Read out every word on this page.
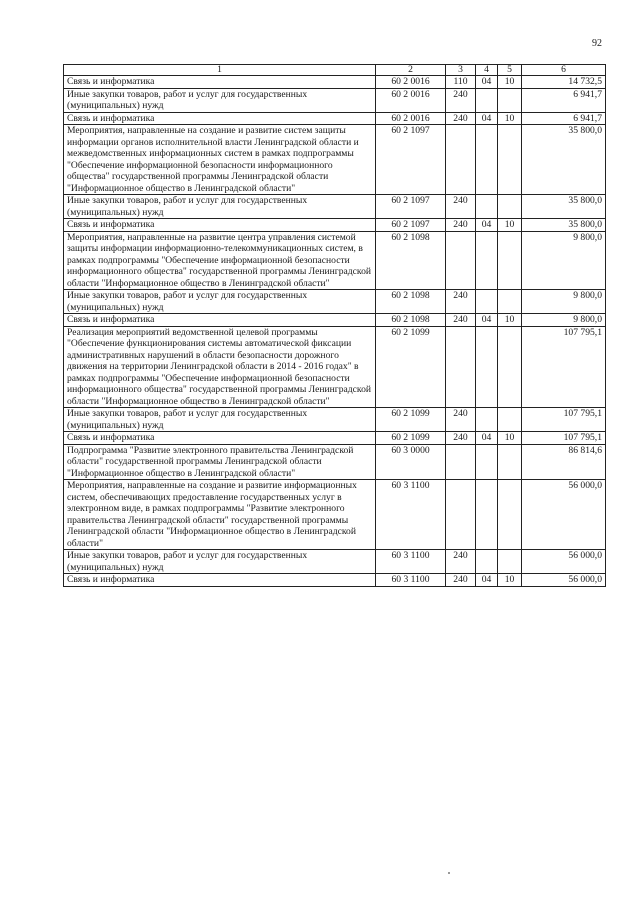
92
1	2	3	4	5	6
Связь и информатика	60 2 0016	110	04	10	14 732,5
Иные закупки товаров, работ и услуг для государственных (муниципальных) нужд	60 2 0016	240			6 941,7
Связь и информатика	60 2 0016	240	04	10	6 941,7
Мероприятия, направленные на создание и развитие систем защиты информации органов исполнительной власти Ленинградской области и межведомственных информационных систем в рамках подпрограммы "Обеспечение информационной безопасности информационного общества" государственной программы Ленинградской области "Информационное общество в Ленинградской области"	60 2 1097				35 800,0
Иные закупки товаров, работ и услуг для государственных (муниципальных) нужд	60 2 1097	240			35 800,0
Связь и информатика	60 2 1097	240	04	10	35 800,0
Мероприятия, направленные на развитие центра управления системой защиты информации информационно-телекоммуникационных систем, в рамках подпрограммы "Обеспечение информационной безопасности информационного общества" государственной программы Ленинградской области "Информационное общество в Ленинградской области"	60 2 1098				9 800,0
Иные закупки товаров, работ и услуг для государственных (муниципальных) нужд	60 2 1098	240			9 800,0
Связь и информатика	60 2 1098	240	04	10	9 800,0
Реализация мероприятий ведомственной целевой программы "Обеспечение функционирования системы автоматической фиксации административных нарушений в области безопасности дорожного движения на территории Ленинградской области в 2014 - 2016 годах" в рамках подпрограммы "Обеспечение информационной безопасности информационного общества" государственной программы Ленинградской области "Информационное общество в Ленинградской области"	60 2 1099				107 795,1
Иные закупки товаров, работ и услуг для государственных (муниципальных) нужд	60 2 1099	240			107 795,1
Связь и информатика	60 2 1099	240	04	10	107 795,1
Подпрограмма "Развитие электронного правительства Ленинградской области" государственной программы Ленинградской области "Информационное общество в Ленинградской области"	60 3 0000				86 814,6
Мероприятия, направленные на создание и развитие информационных систем, обеспечивающих предоставление государственных услуг в электронном виде, в рамках подпрограммы "Развитие электронного правительства Ленинградской области" государственной программы Ленинградской области "Информационное общество в Ленинградской области"	60 3 1100				56 000,0
Иные закупки товаров, работ и услуг для государственных (муниципальных) нужд	60 3 1100	240			56 000,0
Связь и информатика	60 3 1100	240	04	10	56 000,0
